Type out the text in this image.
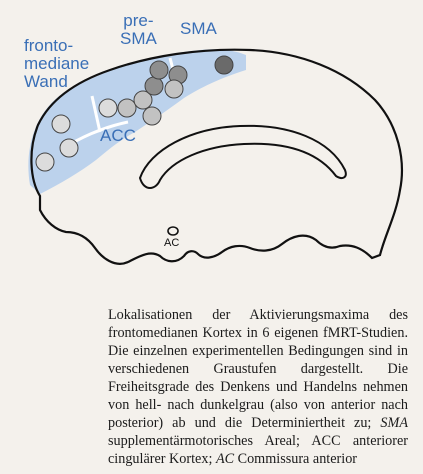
fronto-
mediane
Wand
pre-
SMA
SMA
ACC
AC
Lokalisationen der Aktivierungsmaxima des frontomedianen Kortex in 6 eigenen fMRT-Studien. Die einzelnen experimentellen Bedingungen sind in verschiedenen Graustufen dargestellt. Die Freiheitsgrade des Denkens und Handelns nehmen von hell- nach dunkelgrau (also von anterior nach posterior) ab und die Determiniertheit zu; SMA supplementärmotorisches Areal; ACC anteriorer cingulärer Kortex; AC Commissura anterior
